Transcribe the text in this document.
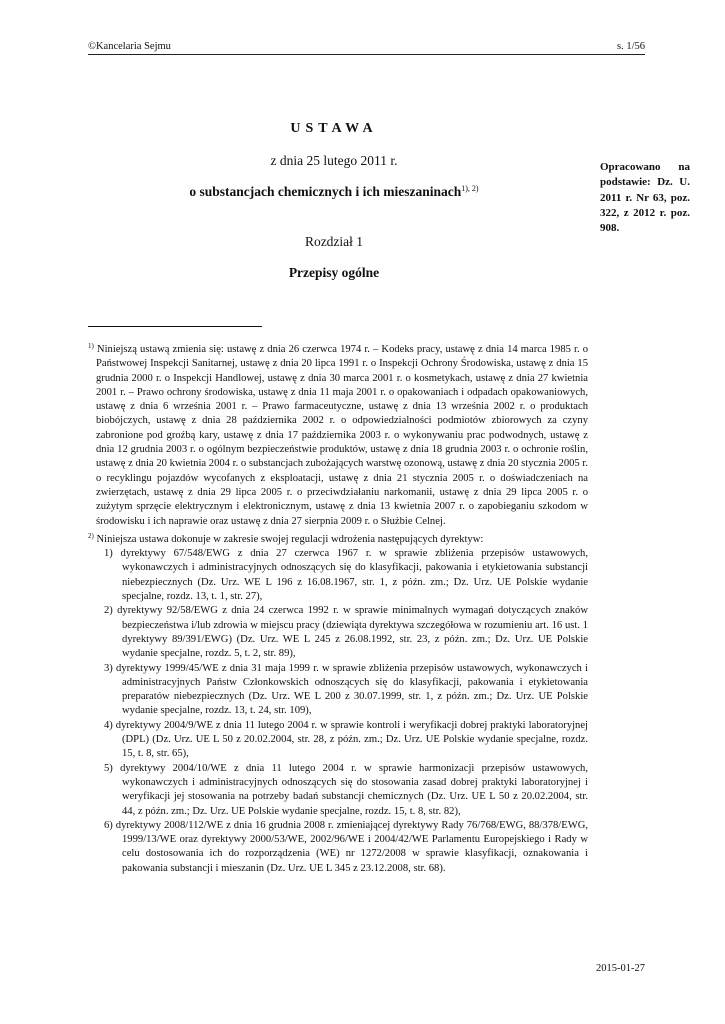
©Kancelaria Sejmu	s. 1/56
USTAWA
z dnia 25 lutego 2011 r.
o substancjach chemicznych i ich mieszaninach$^{1), 2)}$
Rozdział 1
Przepisy ogólne
Opracowano na podstawie: Dz. U. 2011 r. Nr 63, poz. 322, z 2012 r. poz. 908.

$^{1)}$ Niniejszą ustawą zmienia się: ustawę z dnia 26 czerwca 1974 r. – Kodeks pracy, ustawę z dnia 14 marca 1985 r. o Państwowej Inspekcji Sanitarnej, ustawę z dnia 20 lipca 1991 r. o Inspekcji Ochrony Środowiska, ustawę z dnia 15 grudnia 2000 r. o Inspekcji Handlowej, ustawę z dnia 30 marca 2001 r. o kosmetykach, ustawę z dnia 27 kwietnia 2001 r. – Prawo ochrony środowiska, ustawę z dnia 11 maja 2001 r. o opakowaniach i odpadach opakowaniowych, ustawę z dnia 6 września 2001 r. – Prawo farmaceutyczne, ustawę z dnia 13 września 2002 r. o produktach biobójczych, ustawę z dnia 28 października 2002 r. o odpowiedzialności podmiotów zbiorowych za czyny zabronione pod groźbą kary, ustawę z dnia 17 października 2003 r. o wykonywaniu prac podwodnych, ustawę z dnia 12 grudnia 2003 r. o ogólnym bezpieczeństwie produktów, ustawę z dnia 18 grudnia 2003 r. o ochronie roślin, ustawę z dnia 20 kwietnia 2004 r. o substancjach zubożających warstwę ozonową, ustawę z dnia 20 stycznia 2005 r. o recyklingu pojazdów wycofanych z eksploatacji, ustawę z dnia 21 stycznia 2005 r. o doświadczeniach na zwierzętach, ustawę z dnia 29 lipca 2005 r. o przeciwdziałaniu narkomanii, ustawę z dnia 29 lipca 2005 r. o zużytym sprzęcie elektrycznym i elektronicznym, ustawę z dnia 13 kwietnia 2007 r. o zapobieganiu szkodom w środowisku i ich naprawie oraz ustawę z dnia 27 sierpnia 2009 r. o Służbie Celnej.

$^{2)}$ Niniejsza ustawa dokonuje w zakresie swojej regulacji wdrożenia następujących dyrektyw:

1) dyrektywy 67/548/EWG z dnia 27 czerwca 1967 r. w sprawie zbliżenia przepisów ustawowych, wykonawczych i administracyjnych odnoszących się do klasyfikacji, pakowania i etykietowania substancji niebezpiecznych (Dz. Urz. WE L 196 z 16.08.1967, str. 1, z późn. zm.; Dz. Urz. UE Polskie wydanie specjalne, rozdz. 13, t. 1, str. 27),
2) dyrektywy 92/58/EWG z dnia 24 czerwca 1992 r. w sprawie minimalnych wymagań dotyczących znaków bezpieczeństwa i/lub zdrowia w miejscu pracy (dziewiąta dyrektywa szczegółowa w rozumieniu art. 16 ust. 1 dyrektywy 89/391/EWG) (Dz. Urz. WE L 245 z 26.08.1992, str. 23, z późn. zm.; Dz. Urz. UE Polskie wydanie specjalne, rozdz. 5, t. 2, str. 89),
3) dyrektywy 1999/45/WE z dnia 31 maja 1999 r. w sprawie zbliżenia przepisów ustawowych, wykonawczych i administracyjnych Państw Członkowskich odnoszących się do klasyfikacji, pakowania i etykietowania preparatów niebezpiecznych (Dz. Urz. WE L 200 z 30.07.1999, str. 1, z późn. zm.; Dz. Urz. UE Polskie wydanie specjalne, rozdz. 13, t. 24, str. 109),
4) dyrektywy 2004/9/WE z dnia 11 lutego 2004 r. w sprawie kontroli i weryfikacji dobrej praktyki laboratoryjnej (DPL) (Dz. Urz. UE L 50 z 20.02.2004, str. 28, z późn. zm.; Dz. Urz. UE Polskie wydanie specjalne, rozdz. 15, t. 8, str. 65),
5) dyrektywy 2004/10/WE z dnia 11 lutego 2004 r. w sprawie harmonizacji przepisów ustawowych, wykonawczych i administracyjnych odnoszących się do stosowania zasad dobrej praktyki laboratoryjnej i weryfikacji jej stosowania na potrzeby badań substancji chemicznych (Dz. Urz. UE L 50 z 20.02.2004, str. 44, z późn. zm.; Dz. Urz. UE Polskie wydanie specjalne, rozdz. 15, t. 8, str. 82),
6) dyrektywy 2008/112/WE z dnia 16 grudnia 2008 r. zmieniającej dyrektywy Rady 76/768/EWG, 88/378/EWG, 1999/13/WE oraz dyrektywy 2000/53/WE, 2002/96/WE i 2004/42/WE Parlamentu Europejskiego i Rady w celu dostosowania ich do rozporządzenia (WE) nr 1272/2008 w sprawie klasyfikacji, oznakowania i pakowania substancji i mieszanin (Dz. Urz. UE L 345 z 23.12.2008, str. 68).
2015-01-27
